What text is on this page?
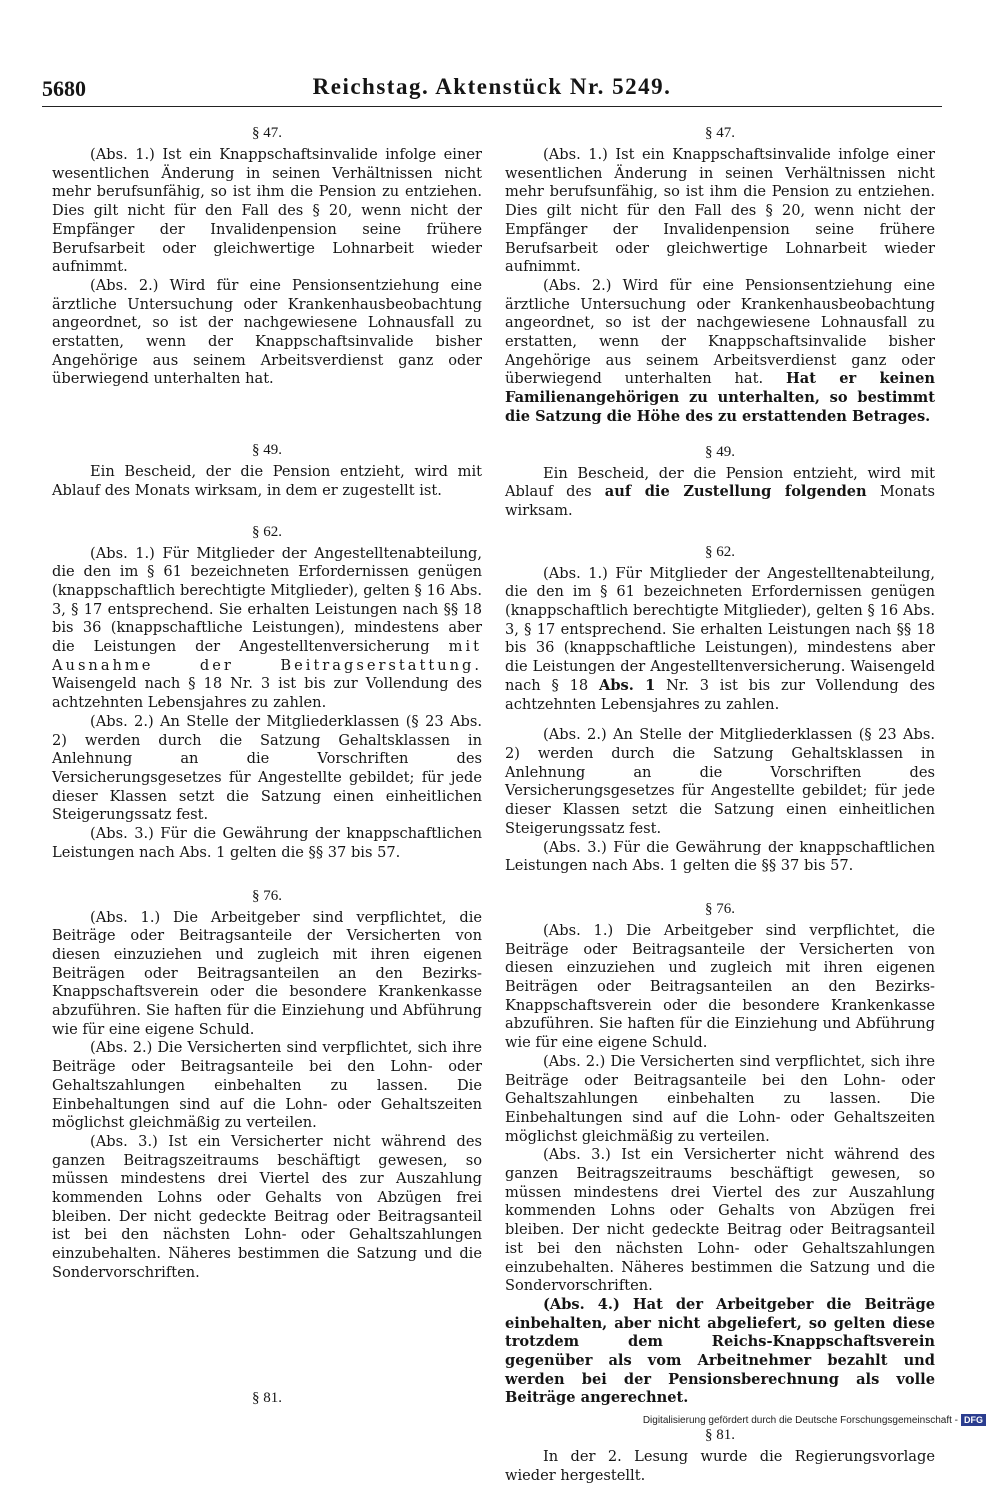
5680	Reichstag. Aktenstück Nr. 5249.
§ 47.

(Abs. 1.) Ist ein Knappschaftsinvalide infolge einer wesentlichen Änderung in seinen Verhältnissen nicht mehr berufsunfähig, so ist ihm die Pension zu entziehen. Dies gilt nicht für den Fall des § 20, wenn nicht der Empfänger der Invalidenpension seine frühere Berufsarbeit oder gleichwertige Lohnarbeit wieder aufnimmt.

(Abs. 2.) Wird für eine Pensionsentziehung eine ärztliche Untersuchung oder Krankenhausbeobachtung angeordnet, so ist der nachgewiesene Lohnausfall zu erstatten, wenn der Knappschaftsinvalide bisher Angehörige aus seinem Arbeitsverdienst ganz oder überwiegend unterhalten hat.

§ 49.

Ein Bescheid, der die Pension entzieht, wird mit Ablauf des Monats wirksam, in dem er zugestellt ist.

§ 62.

(Abs. 1.) Für Mitglieder der Angestelltenabteilung, die den im § 61 bezeichneten Erfordernissen genügen (knappschaftlich berechtigte Mitglieder), gelten § 16 Abs. 3, § 17 entsprechend. Sie erhalten Leistungen nach §§ 18 bis 36 (knappschaftliche Leistungen), mindestens aber die Leistungen der Angestelltenversicherung mit Ausnahme der Beitragserstattung. Waisengeld nach § 18 Nr. 3 ist bis zur Vollendung des achtzehnten Lebensjahres zu zahlen.

(Abs. 2.) An Stelle der Mitgliederklassen (§ 23 Abs. 2) werden durch die Satzung Gehaltsklassen in Anlehnung an die Vorschriften des Versicherungsgesetzes für Angestellte gebildet; für jede dieser Klassen setzt die Satzung einen einheitlichen Steigerungssatz fest.

(Abs. 3.) Für die Gewährung der knappschaftlichen Leistungen nach Abs. 1 gelten die §§ 37 bis 57.

§ 76.

(Abs. 1.) Die Arbeitgeber sind verpflichtet, die Beiträge oder Beitragsanteile der Versicherten von diesen einzuziehen und zugleich mit ihren eigenen Beiträgen oder Beitragsanteilen an den Bezirks-Knappschaftsverein oder die besondere Krankenkasse abzuführen. Sie haften für die Einziehung und Abführung wie für eine eigene Schuld.

(Abs. 2.) Die Versicherten sind verpflichtet, sich ihre Beiträge oder Beitragsanteile bei den Lohn- oder Gehaltszahlungen einbehalten zu lassen. Die Einbehaltungen sind auf die Lohn- oder Gehaltszeiten möglichst gleichmäßig zu verteilen.

(Abs. 3.) Ist ein Versicherter nicht während des ganzen Beitragszeitraums beschäftigt gewesen, so müssen mindestens drei Viertel des zur Auszahlung kommenden Lohns oder Gehalts von Abzügen frei bleiben. Der nicht gedeckte Beitrag oder Beitragsanteil ist bei den nächsten Lohn- oder Gehaltszahlungen einzubehalten. Näheres bestimmen die Satzung und die Sondervorschriften.

§ 81.
§ 47.

(Abs. 1.) Ist ein Knappschaftsinvalide infolge einer wesentlichen Änderung in seinen Verhältnissen nicht mehr berufsunfähig, so ist ihm die Pension zu entziehen. Dies gilt nicht für den Fall des § 20, wenn nicht der Empfänger der Invalidenpension seine frühere Berufsarbeit oder gleichwertige Lohnarbeit wieder aufnimmt.

(Abs. 2.) Wird für eine Pensionsentziehung eine ärztliche Untersuchung oder Krankenhausbeobachtung angeordnet, so ist der nachgewiesene Lohnausfall zu erstatten, wenn der Knappschaftsinvalide bisher Angehörige aus seinem Arbeitsverdienst ganz oder überwiegend unterhalten hat. Hat er keinen Familienangehörigen zu unterhalten, so bestimmt die Satzung die Höhe des zu erstattenden Betrages.

§ 49.

Ein Bescheid, der die Pension entzieht, wird mit Ablauf des auf die Zustellung folgenden Monats wirksam.

§ 62.

(Abs. 1.) Für Mitglieder der Angestelltenabteilung, die den im § 61 bezeichneten Erfordernissen genügen (knappschaftlich berechtigte Mitglieder), gelten § 16 Abs. 3, § 17 entsprechend. Sie erhalten Leistungen nach §§ 18 bis 36 (knappschaftliche Leistungen), mindestens aber die Leistungen der Angestelltenversicherung. Waisengeld nach § 18 Abs. 1 Nr. 3 ist bis zur Vollendung des achtzehnten Lebensjahres zu zahlen.

(Abs. 2.) An Stelle der Mitgliederklassen (§ 23 Abs. 2) werden durch die Satzung Gehaltsklassen in Anlehnung an die Vorschriften des Versicherungsgesetzes für Angestellte gebildet; für jede dieser Klassen setzt die Satzung einen einheitlichen Steigerungssatz fest.

(Abs. 3.) Für die Gewährung der knappschaftlichen Leistungen nach Abs. 1 gelten die §§ 37 bis 57.

§ 76.

(Abs. 1.) Die Arbeitgeber sind verpflichtet, die Beiträge oder Beitragsanteile der Versicherten von diesen einzuziehen und zugleich mit ihren eigenen Beiträgen oder Beitragsanteilen an den Bezirks-Knappschaftsverein oder die besondere Krankenkasse abzuführen. Sie haften für die Einziehung und Abführung wie für eine eigene Schuld.

(Abs. 2.) Die Versicherten sind verpflichtet, sich ihre Beiträge oder Beitragsanteile bei den Lohn- oder Gehaltszahlungen einbehalten zu lassen. Die Einbehaltungen sind auf die Lohn- oder Gehaltszeiten möglichst gleichmäßig zu verteilen.

(Abs. 3.) Ist ein Versicherter nicht während des ganzen Beitragszeitraums beschäftigt gewesen, so müssen mindestens drei Viertel des zur Auszahlung kommenden Lohns oder Gehalts von Abzügen frei bleiben. Der nicht gedeckte Beitrag oder Beitragsanteil ist bei den nächsten Lohn- oder Gehaltszahlungen einzubehalten. Näheres bestimmen die Satzung und die Sondervorschriften.

(Abs. 4.) Hat der Arbeitgeber die Beiträge einbehalten, aber nicht abgeliefert, so gelten diese trotzdem dem Reichs-Knappschaftsverein gegenüber als vom Arbeitnehmer bezahlt und werden bei der Pensionsberechnung als volle Beiträge angerechnet.

§ 81.

In der 2. Lesung wurde die Regierungsvorlage wieder hergestellt.

Digitalisierung gefördert durch die Deutsche Forschungsgemeinschaft - DFG
